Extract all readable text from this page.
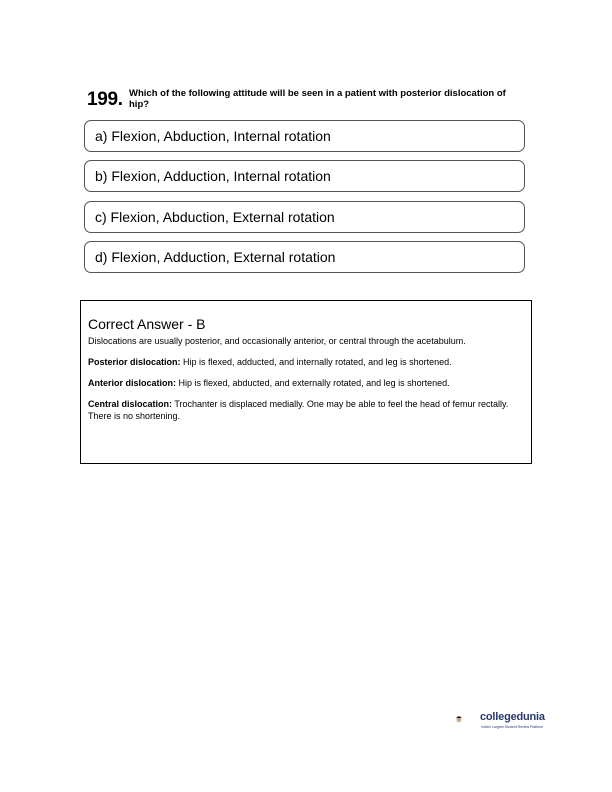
199. Which of the following attitude will be seen in a patient with posterior dislocation of hip?
a) Flexion, Abduction, Internal rotation
b) Flexion, Adduction, Internal rotation
c) Flexion, Abduction, External rotation
d) Flexion, Adduction, External rotation
Correct Answer - B

Dislocations are usually posterior, and occasionally anterior, or central through the acetabulum.

Posterior dislocation: Hip is flexed, adducted, and internally rotated, and leg is shortened.

Anterior dislocation: Hip is flexed, abducted, and externally rotated, and leg is shortened.

Central dislocation: Trochanter is displaced medially. One may be able to feel the head of femur rectally. There is no shortening.

collegedunia
India's Largest Student Review Platform
